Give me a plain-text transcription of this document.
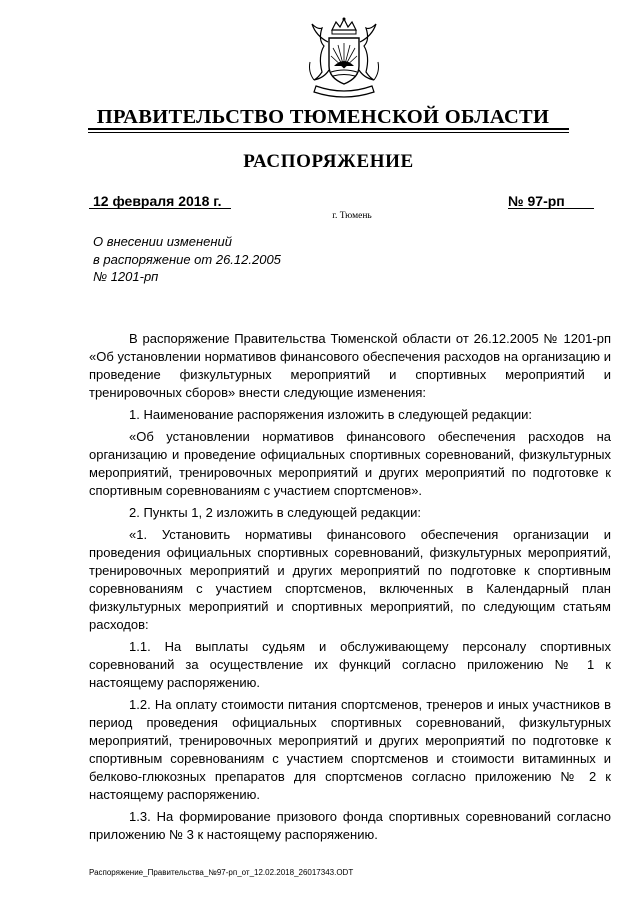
ПРАВИТЕЛЬСТВО ТЮМЕНСКОЙ ОБЛАСТИ
РАСПОРЯЖЕНИЕ
12 февраля 2018 г.	№ 97-рп
г. Тюмень
О внесении изменений
в распоряжение от 26.12.2005
№ 1201-рп

В распоряжение Правительства Тюменской области от 26.12.2005 № 1201-рп «Об установлении нормативов финансового обеспечения расходов на организацию и проведение физкультурных мероприятий и спортивных мероприятий и тренировочных сборов» внести следующие изменения:

1. Наименование распоряжения изложить в следующей редакции:

«Об установлении нормативов финансового обеспечения расходов на организацию и проведение официальных спортивных соревнований, физкультурных мероприятий, тренировочных мероприятий и других мероприятий по подготовке к спортивным соревнованиям с участием спортсменов».

2. Пункты 1, 2 изложить в следующей редакции:

«1. Установить нормативы финансового обеспечения организации и проведения официальных спортивных соревнований, физкультурных мероприятий, тренировочных мероприятий и других мероприятий по подготовке к спортивным соревнованиям с участием спортсменов, включенных в Календарный план физкультурных мероприятий и спортивных мероприятий, по следующим статьям расходов:

1.1. На выплаты судьям и обслуживающему персоналу спортивных соревнований за осуществление их функций согласно приложению № 1 к настоящему распоряжению.

1.2. На оплату стоимости питания спортсменов, тренеров и иных участников в период проведения официальных спортивных соревнований, физкультурных мероприятий, тренировочных мероприятий и других мероприятий по подготовке к спортивным соревнованиям с участием спортсменов и стоимости витаминных и белково-глюкозных препаратов для спортсменов согласно приложению № 2 к настоящему распоряжению.

1.3. На формирование призового фонда спортивных соревнований согласно приложению № 3 к настоящему распоряжению.

Распоряжение_Правительства_№97-рп_от_12.02.2018_26017343.ODT
